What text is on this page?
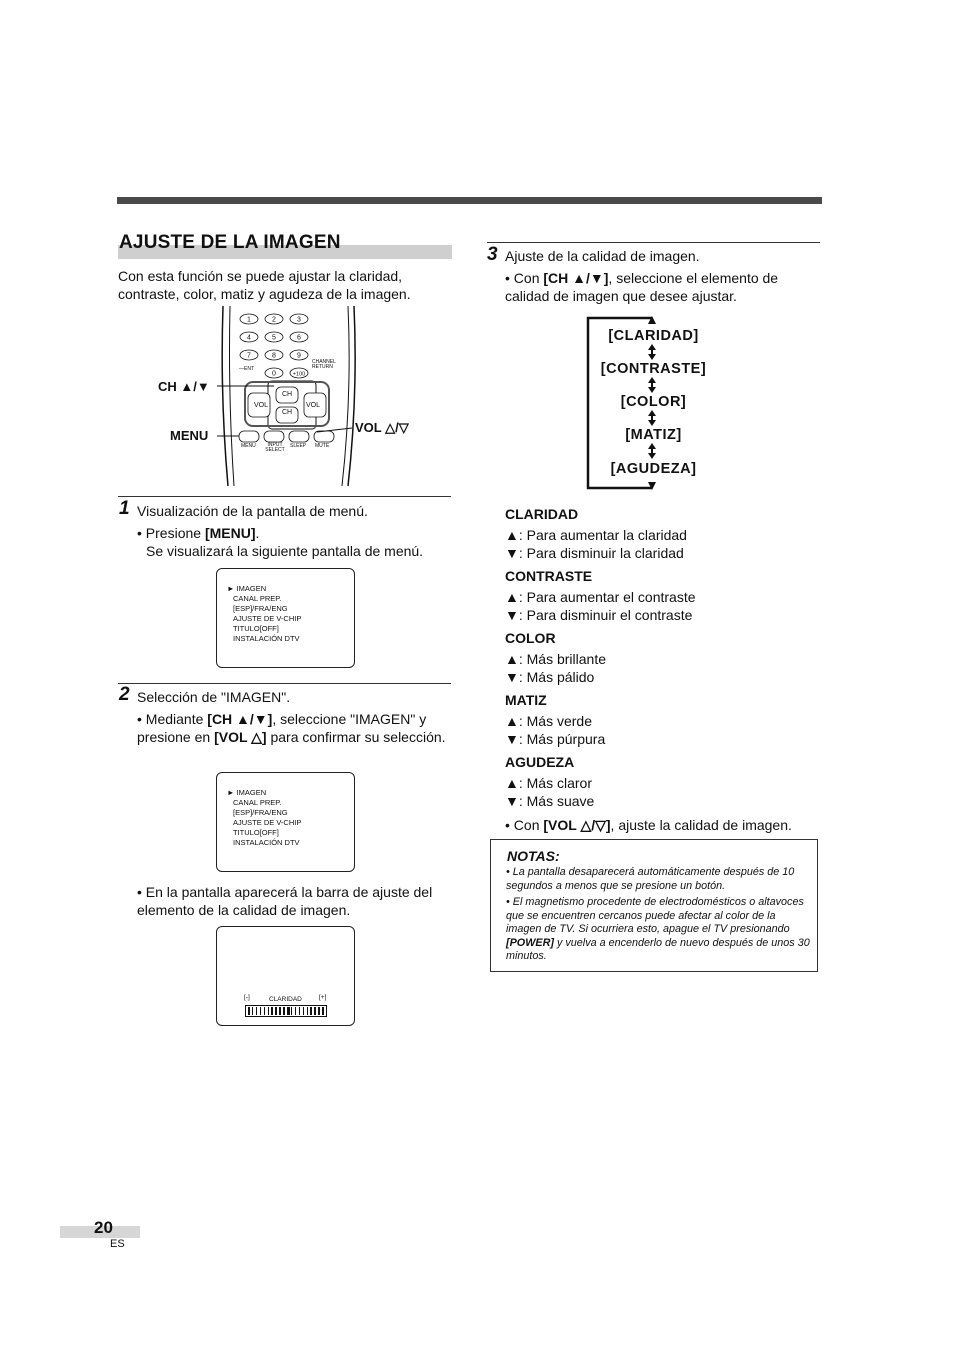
AJUSTE DE LA IMAGEN
Con esta función se puede ajustar la claridad, contraste, color, matiz y agudeza de la imagen.
1	2	3
4	5	6
7	8	9
0	+100
CH
VOL	VOL
CH
—ENT
CHANNEL RETURN
MENU	INPUT SELECT
SLEEP MUTE
CH ▲/▼
MENU
VOL △/▽
1 Visualización de la pantalla de menú.
• Presione [MENU].
Se visualizará la siguiente pantalla de menú.
► IMAGEN
CANAL PREP.
[ESP]/FRA/ENG
AJUSTE DE V-CHIP
TITULO[OFF]
INSTALACIÓN DTV
2 Selección de "IMAGEN".
• Mediante [CH ▲/▼], seleccione "IMAGEN" y presione en [VOL △] para confirmar su selección.
► IMAGEN
CANAL PREP.
[ESP]/FRA/ENG
AJUSTE DE V-CHIP
TITULO[OFF]
INSTALACIÓN DTV
• En la pantalla aparecerá la barra de ajuste del elemento de la calidad de imagen.
[-]	CLARIDAD	[+]
3 Ajuste de la calidad de imagen.
• Con [CH ▲/▼], seleccione el elemento de calidad de imagen que desee ajustar.
[CLARIDAD]
[CONTRASTE]
[COLOR]
[MATIZ]
[AGUDEZA]
CLARIDAD
▲: Para aumentar la claridad
▼: Para disminuir la claridad
CONTRASTE
▲: Para aumentar el contraste
▼: Para disminuir el contraste
COLOR
▲: Más brillante
▼: Más pálido
MATIZ
▲: Más verde
▼: Más púrpura
AGUDEZA
▲: Más claror
▼: Más suave
• Con [VOL △/▽], ajuste la calidad de imagen.
NOTAS:
• La pantalla desaparecerá automáticamente después de 10 segundos a menos que se presione un botón.
• El magnetismo procedente de electrodomésticos o altavoces que se encuentren cercanos puede afectar al color de la imagen de TV. Si ocurriera esto, apague el TV presionando [POWER] y vuelva a encenderlo de nuevo después de unos 30 minutos.
20
ES
